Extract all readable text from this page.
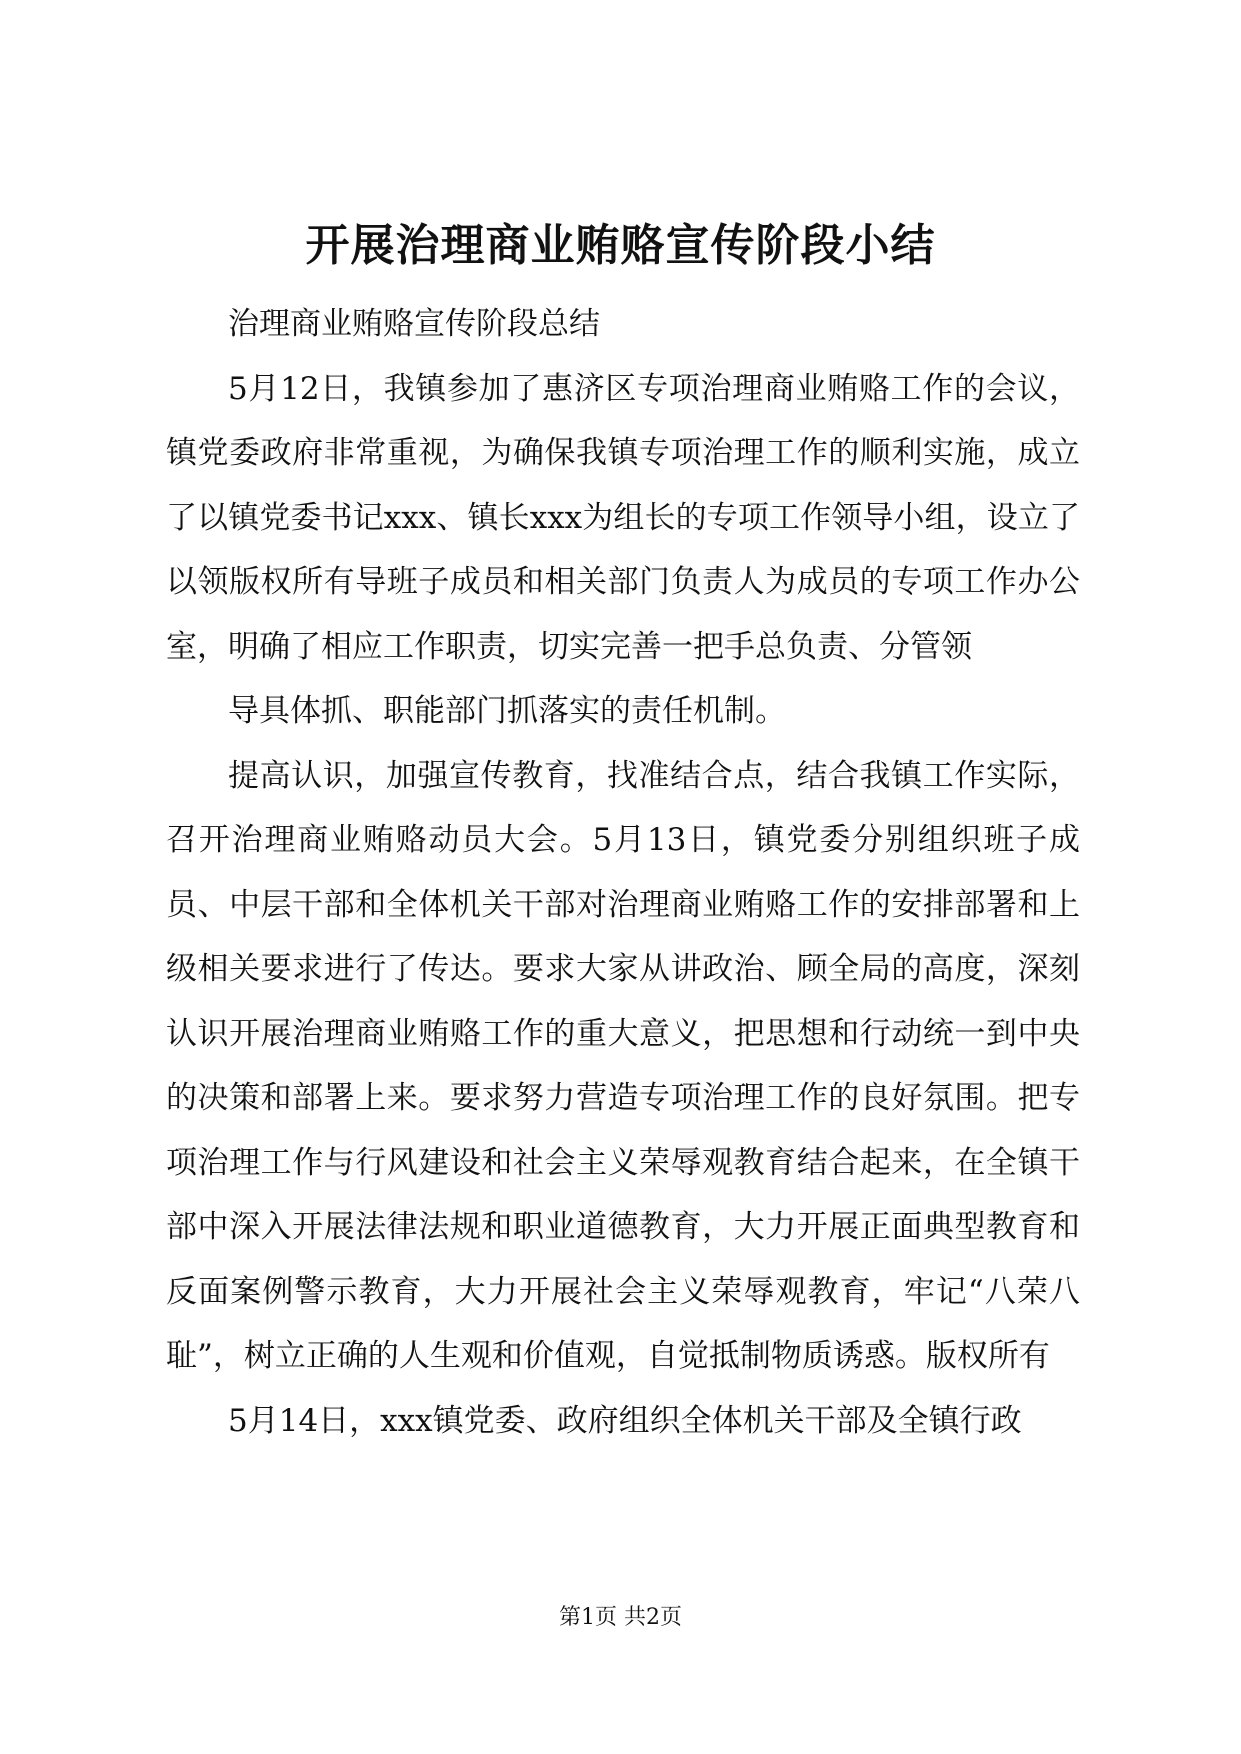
开展治理商业贿赂宣传阶段小结

治理商业贿赂宣传阶段总结

5月12日，我镇参加了惠济区专项治理商业贿赂工作的会议，镇党委政府非常重视，为确保我镇专项治理工作的顺利实施，成立了以镇党委书记xxx、镇长xxx为组长的专项工作领导小组，设立了以领版权所有导班子成员和相关部门负责人为成员的专项工作办公室，明确了相应工作职责，切实完善一把手总负责、分管领

导具体抓、职能部门抓落实的责任机制。

提高认识，加强宣传教育，找准结合点，结合我镇工作实际，召开治理商业贿赂动员大会。5月13日，镇党委分别组织班子成员、中层干部和全体机关干部对治理商业贿赂工作的安排部署和上级相关要求进行了传达。要求大家从讲政治、顾全局的高度，深刻认识开展治理商业贿赂工作的重大意义，把思想和行动统一到中央的决策和部署上来。要求努力营造专项治理工作的良好氛围。把专项治理工作与行风建设和社会主义荣辱观教育结合起来，在全镇干部中深入开展法律法规和职业道德教育，大力开展正面典型教育和反面案例警示教育，大力开展社会主义荣辱观教育，牢记“八荣八耻”，树立正确的人生观和价值观，自觉抵制物质诱惑。版权所有

5月14日，xxx镇党委、政府组织全体机关干部及全镇行政

第1页 共2页
